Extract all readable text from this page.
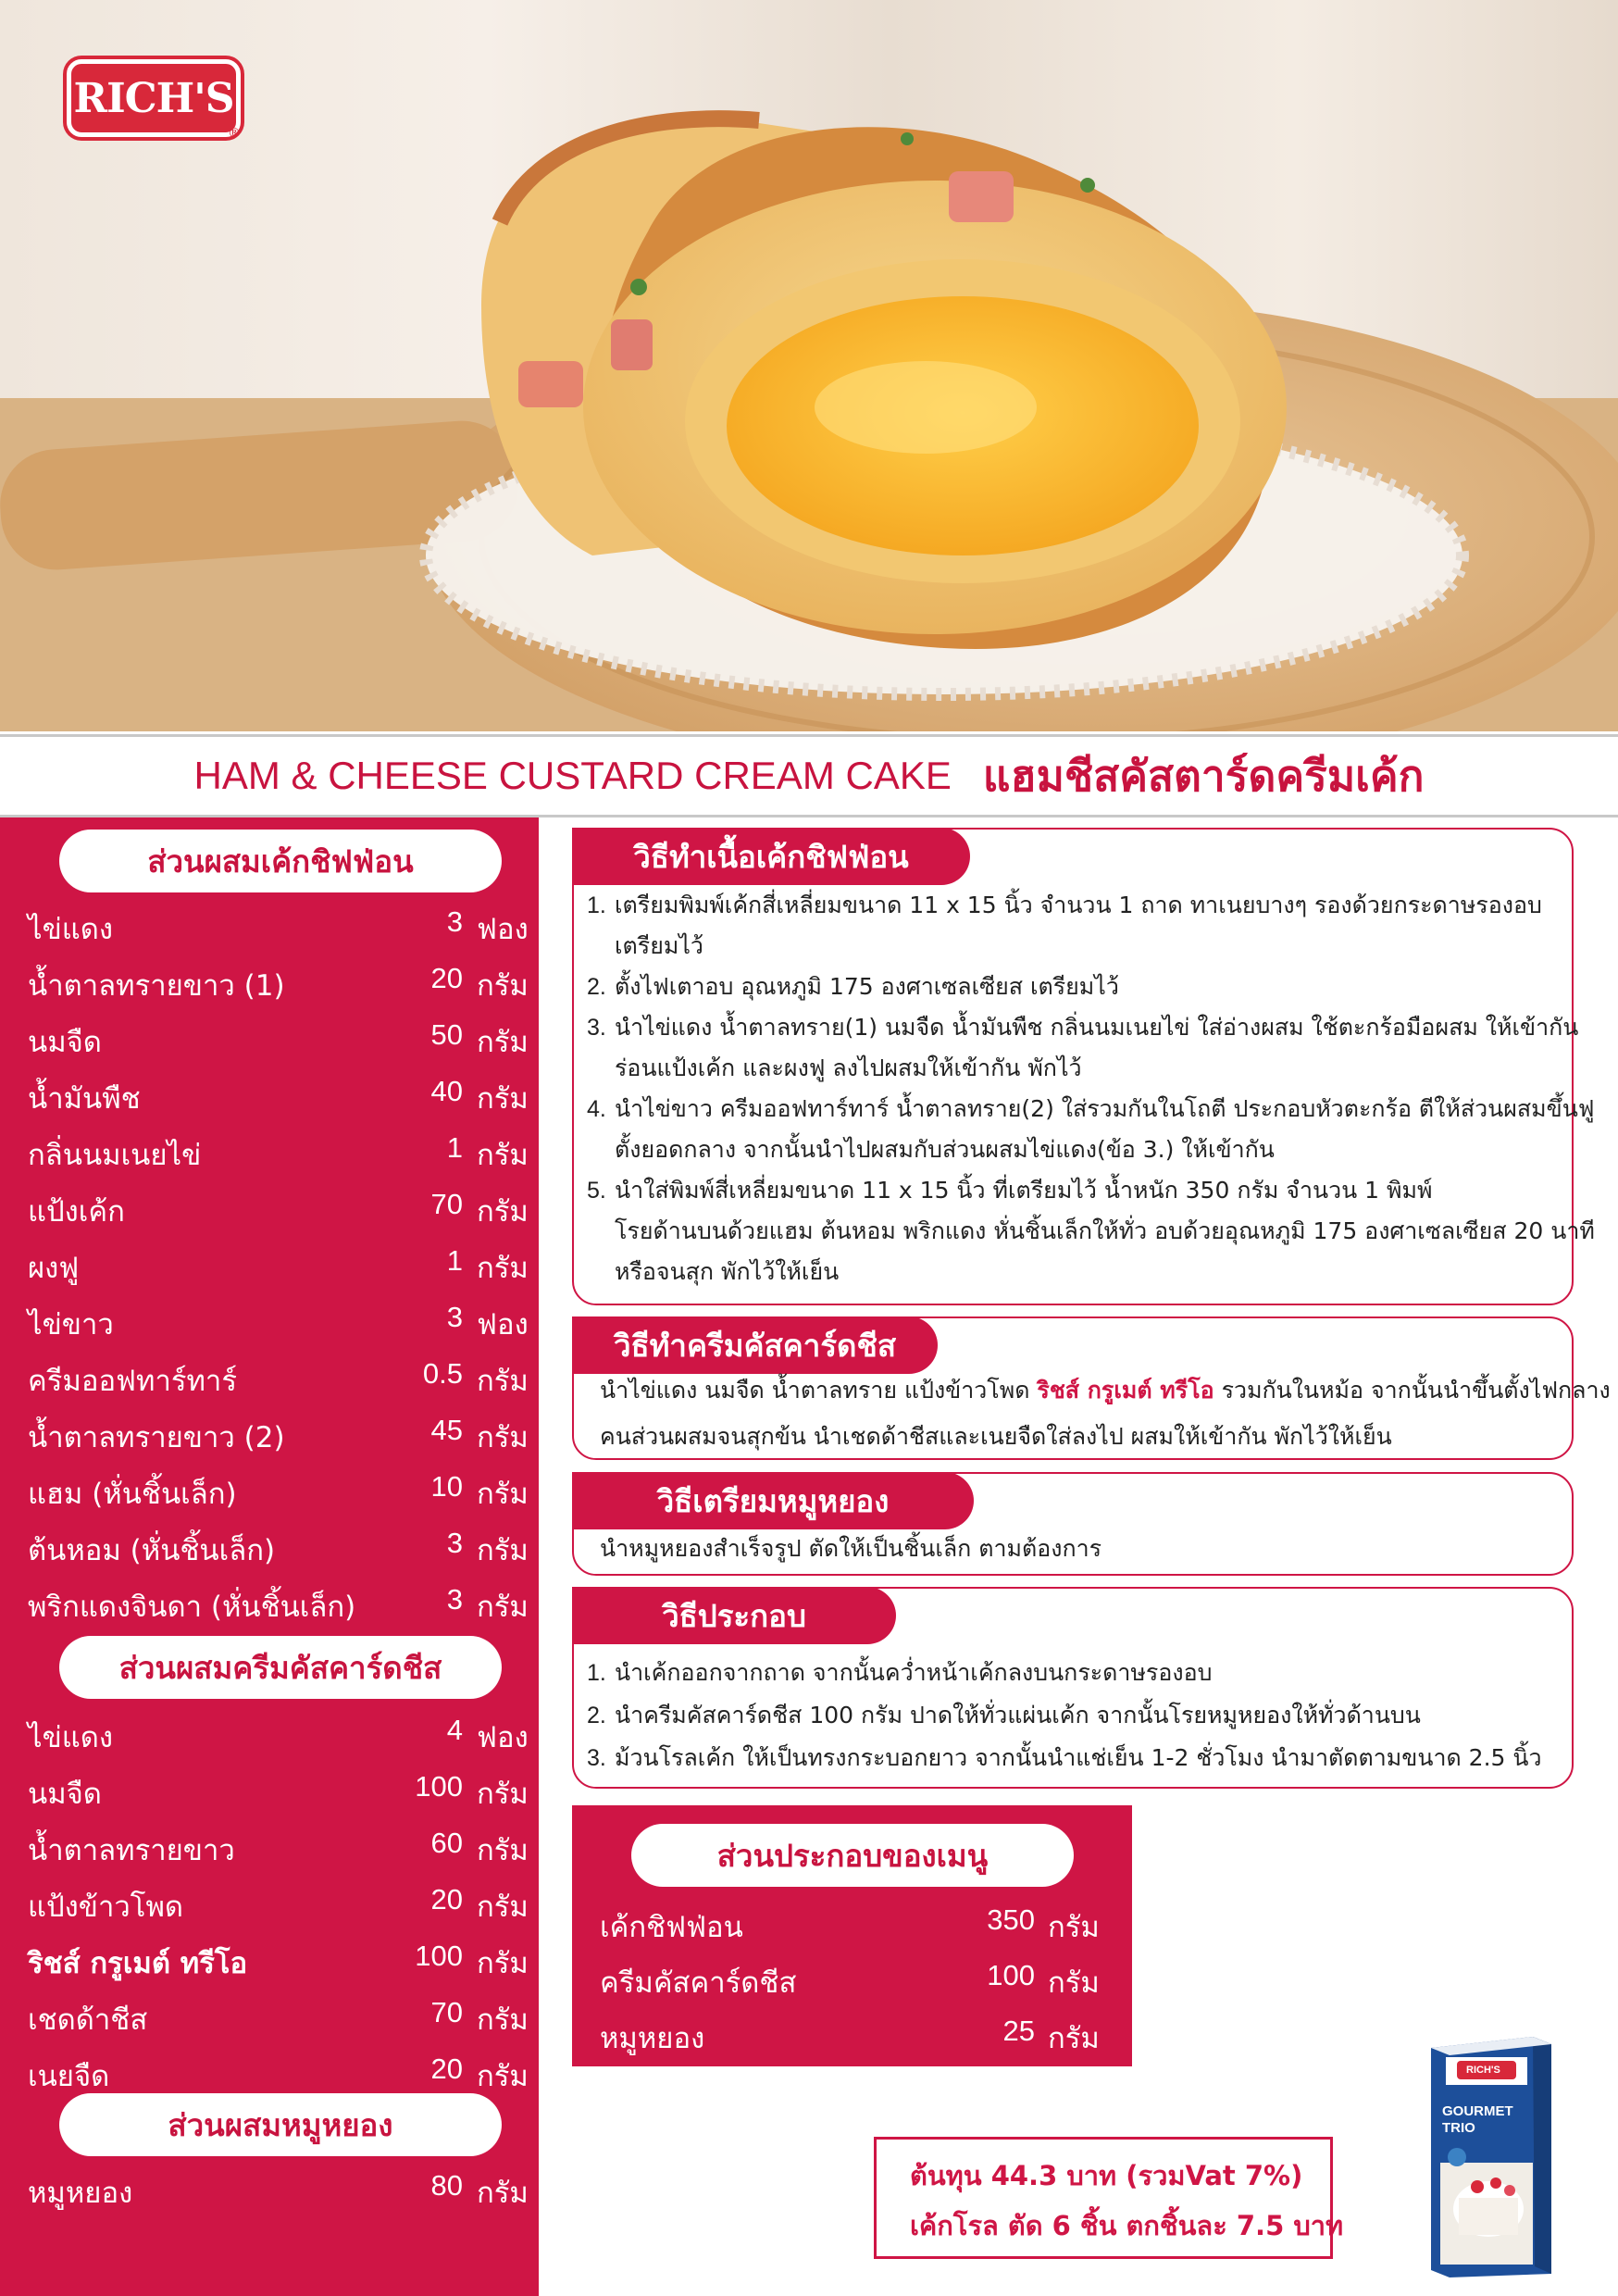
RICH'S
®
HAM & CHEESE CUSTARD CREAM CAKE แฮมชีสคัสตาร์ดครีมเค้ก
ส่วนผสมเค้กชิฟฟ่อน
ไข่แดง	3 ฟอง
น้ำตาลทรายขาว (1)	20 กรัม
นมจืด	50 กรัม
น้ำมันพืช	40 กรัม
กลิ่นนมเนยไข่	1 กรัม
แป้งเค้ก	70 กรัม
ผงฟู	1 กรัม
ไข่ขาว	3 ฟอง
ครีมออฟทาร์ทาร์	0.5 กรัม
น้ำตาลทรายขาว (2)	45 กรัม
แฮม (หั่นชิ้นเล็ก)	10 กรัม
ต้นหอม (หั่นชิ้นเล็ก)	3 กรัม
พริกแดงจินดา (หั่นชิ้นเล็ก)	3 กรัม
ส่วนผสมครีมคัสคาร์ดชีส
ไข่แดง	4 ฟอง
นมจืด	100 กรัม
น้ำตาลทรายขาว	60 กรัม
แป้งข้าวโพด	20 กรัม
ริชส์ กรูเมต์ ทรีโอ	100 กรัม
เชดด้าชีส	70 กรัม
เนยจืด	20 กรัม
ส่วนผสมหมูหยอง
หมูหยอง	80 กรัม
วิธีทำเนื้อเค้กชิฟฟ่อน
1. เตรียมพิมพ์เค้กสี่เหลี่ยมขนาด 11 x 15 นิ้ว จำนวน 1 ถาด ทาเนยบางๆ รองด้วยกระดาษรองอบ
เตรียมไว้
2. ตั้งไฟเตาอบ อุณหภูมิ 175 องศาเซลเซียส เตรียมไว้
3. นำไข่แดง น้ำตาลทราย(1) นมจืด น้ำมันพืช กลิ่นนมเนยไข่ ใส่อ่างผสม ใช้ตะกร้อมือผสม ให้เข้ากัน
ร่อนแป้งเค้ก และผงฟู ลงไปผสมให้เข้ากัน พักไว้
4. นำไข่ขาว ครีมออฟทาร์ทาร์ น้ำตาลทราย(2) ใส่รวมกันในโถตี ประกอบหัวตะกร้อ ตีให้ส่วนผสมขึ้นฟู
ตั้งยอดกลาง จากนั้นนำไปผสมกับส่วนผสมไข่แดง(ข้อ 3.) ให้เข้ากัน
5. นำใส่พิมพ์สี่เหลี่ยมขนาด 11 x 15 นิ้ว ที่เตรียมไว้ น้ำหนัก 350 กรัม จำนวน 1 พิมพ์
โรยด้านบนด้วยแฮม ต้นหอม พริกแดง หั่นชิ้นเล็กให้ทั่ว อบด้วยอุณหภูมิ 175 องศาเซลเซียส 20 นาที
หรือจนสุก พักไว้ให้เย็น
วิธีทำครีมคัสคาร์ดชีส
นำไข่แดง นมจืด น้ำตาลทราย แป้งข้าวโพด ริชส์ กรูเมต์ ทรีโอ รวมกันในหม้อ จากนั้นนำขึ้นตั้งไฟกลาง
คนส่วนผสมจนสุกข้น นำเชดด้าชีสและเนยจืดใส่ลงไป ผสมให้เข้ากัน พักไว้ให้เย็น
วิธีเตรียมหมูหยอง
นำหมูหยองสำเร็จรูป ตัดให้เป็นชิ้นเล็ก ตามต้องการ
วิธีประกอบ
1. นำเค้กออกจากถาด จากนั้นคว่ำหน้าเค้กลงบนกระดาษรองอบ
2. นำครีมคัสคาร์ดชีส 100 กรัม ปาดให้ทั่วแผ่นเค้ก จากนั้นโรยหมูหยองให้ทั่วด้านบน
3. ม้วนโรลเค้ก ให้เป็นทรงกระบอกยาว จากนั้นนำแช่เย็น 1-2 ชั่วโมง นำมาตัดตามขนาด 2.5 นิ้ว
ส่วนประกอบของเมนู
เค้กชิฟฟ่อน	350 กรัม
ครีมคัสคาร์ดชีส	100 กรัม
หมูหยอง	25 กรัม
ต้นทุน 44.3 บาท (รวมVat 7%)
เค้กโรล ตัด 6 ชิ้น ตกชิ้นละ 7.5 บาท
RICH'S
GOURMET
TRIO
